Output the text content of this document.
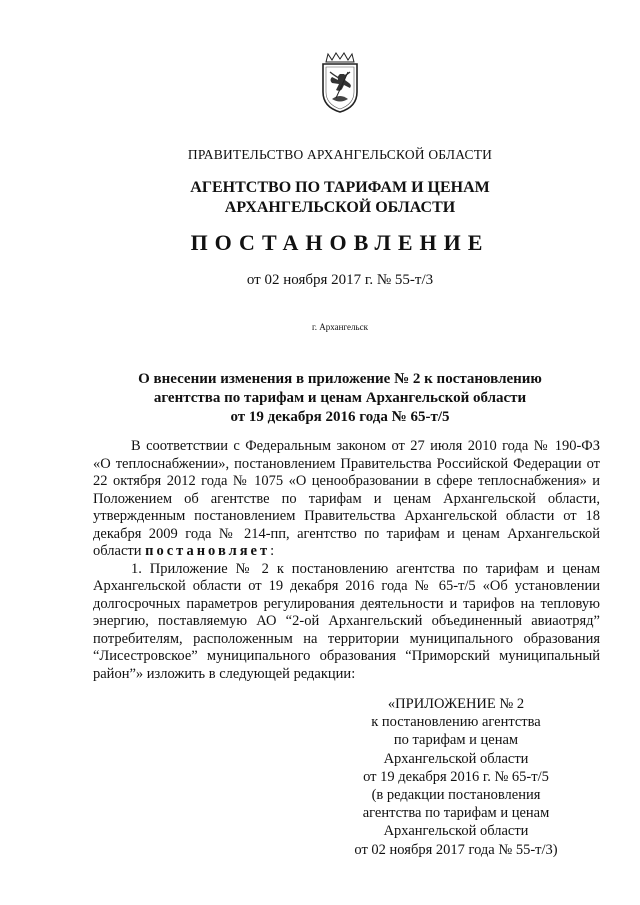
ПРАВИТЕЛЬСТВО АРХАНГЕЛЬСКОЙ ОБЛАСТИ
АГЕНТСТВО ПО ТАРИФАМ И ЦЕНАМ
АРХАНГЕЛЬСКОЙ ОБЛАСТИ
ПОСТАНОВЛЕНИЕ
от 02 ноября 2017 г. № 55-т/3
г. Архангельск
О внесении изменения в приложение № 2 к постановлению
агентства по тарифам и ценам Архангельской области
от 19 декабря 2016 года № 65-т/5

В соответствии с Федеральным законом от 27 июля 2010 года № 190-ФЗ «О теплоснабжении», постановлением Правительства Российской Федерации от 22 октября 2012 года № 1075 «О ценообразовании в сфере теплоснабжения» и Положением об агентстве по тарифам и ценам Архангельской области, утвержденным постановлением Правительства Архангельской области от 18 декабря 2009 года № 214-пп, агентство по тарифам и ценам Архангельской области постановляет:

1. Приложение № 2 к постановлению агентства по тарифам и ценам Архангельской области от 19 декабря 2016 года № 65-т/5 «Об установлении долгосрочных параметров регулирования деятельности и тарифов на тепловую энергию, поставляемую АО “2-ой Архангельский объединенный авиаотряд” потребителям, расположенным на территории муниципального образования “Лисестровское” муниципального образования “Приморский муниципальный район”» изложить в следующей редакции:

«ПРИЛОЖЕНИЕ № 2
к постановлению агентства
по тарифам и ценам
Архангельской области
от 19 декабря 2016 г. № 65-т/5
(в редакции постановления
агентства по тарифам и ценам
Архангельской области
от 02 ноября 2017 года № 55-т/3)
